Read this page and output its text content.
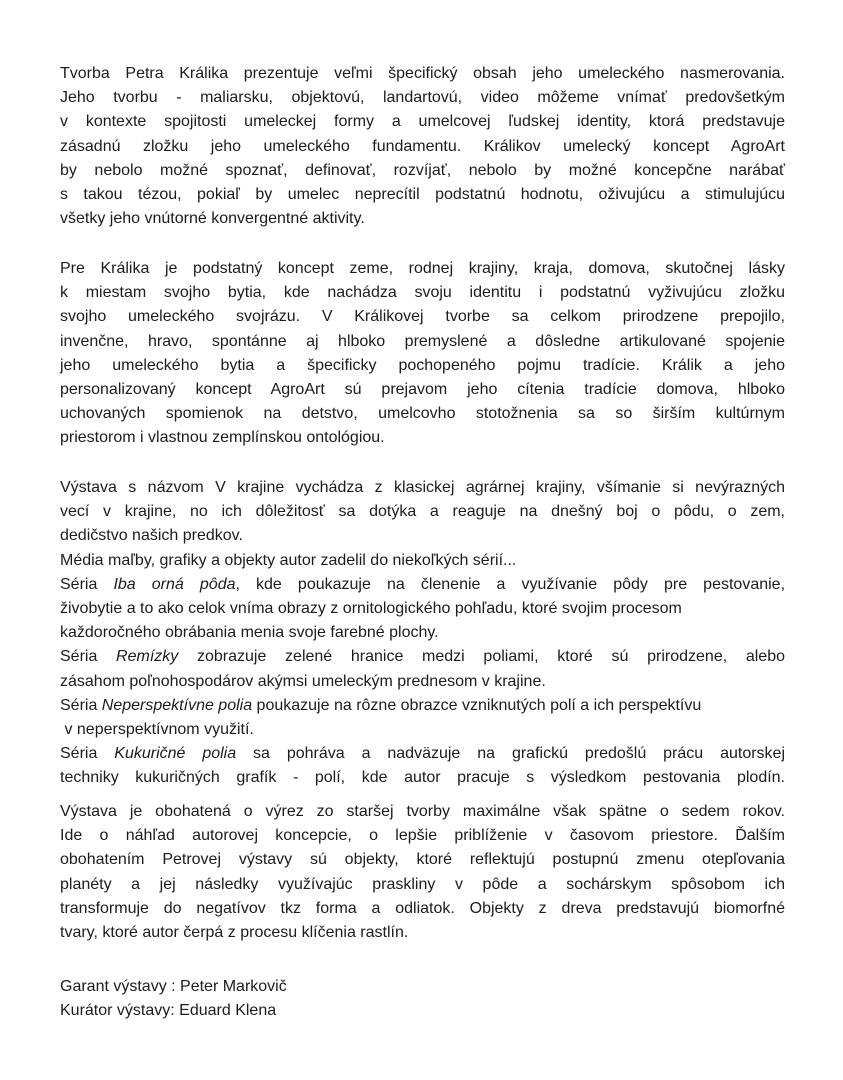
Tvorba Petra Králika prezentuje veľmi špecifický obsah jeho umeleckého nasmerovania.
Jeho tvorbu - maliarsku, objektovú, landartovú, video môžeme vnímať predovšetkým
v kontexte spojitosti umeleckej formy a umelcovej ľudskej identity, ktorá predstavuje
zásadnú zložku jeho umeleckého fundamentu. Králikov umelecký koncept AgroArt
by nebolo možné spoznať, definovať, rozvíjať, nebolo by možné koncepčne narábať
s takou tézou, pokiaľ by umelec neprecítil podstatnú hodnotu, oživujúcu a stimulujúcu
všetky jeho vnútorné konvergentné aktivity.
Pre Králika je podstatný koncept zeme, rodnej krajiny, kraja, domova, skutočnej lásky
k miestam svojho bytia, kde nachádza svoju identitu i podstatnú vyživujúcu zložku
svojho umeleckého svojrázu. V Králikovej tvorbe sa celkom prirodzene prepojilo,
invenčne, hravo, spontánne aj hlboko premyslené a dôsledne artikulované spojenie
jeho umeleckého bytia a špecificky pochopeného pojmu tradície. Králik a jeho
personalizovaný koncept AgroArt sú prejavom jeho cítenia tradície domova, hlboko
uchovaných spomienok na detstvo, umelcovho stotožnenia sa so širším kultúrnym
priestorom i vlastnou zemplínskou ontológiou.
Výstava s názvom V krajine vychádza z klasickej agrárnej krajiny, všímanie si nevýrazných
vecí v krajine, no ich dôležitosť sa dotýka a reaguje na dnešný boj o pôdu, o zem,
dedičstvo našich predkov.
Média maľby, grafiky a objekty autor zadelil do niekoľkých sérií...
Séria Iba orná pôda, kde poukazuje na členenie a využívanie pôdy pre pestovanie,
živobytie a to ako celok vníma obrazy z ornitologického pohľadu, ktoré svojim procesom
každoročného obrábania menia svoje farebné plochy.
Séria Remízky zobrazuje zelené hranice medzi poliami, ktoré sú prirodzene, alebo
zásahom poľnohospodárov akýmsi umeleckým prednesom v krajine.
Séria Neperspektívne polia poukazuje na rôzne obrazce vzniknutých polí a ich perspektívu
v neperspektívnom využití.
Séria Kukuričné polia sa pohráva a nadväzuje na grafickú predošlú prácu autorskej
techniky kukuričných grafík - polí, kde autor pracuje s výsledkom pestovania plodín.
Výstava je obohatená o výrez zo staršej tvorby maximálne však spätne o sedem rokov.
Ide o náhľad autorovej koncepcie, o lepšie priblíženie v časovom priestore. Ďalším
obohatením Petrovej výstavy sú objekty, ktoré reflektujú postupnú zmenu otepľovania
planéty a jej následky využívajúc praskliny v pôde a sochárskym spôsobom ich
transformuje do negatívov tkz forma a odliatok. Objekty z dreva predstavujú biomorfné
tvary, ktoré autor čerpá z procesu klíčenia rastlín.
Garant výstavy : Peter Markovič
Kurátor výstavy: Eduard Klena
